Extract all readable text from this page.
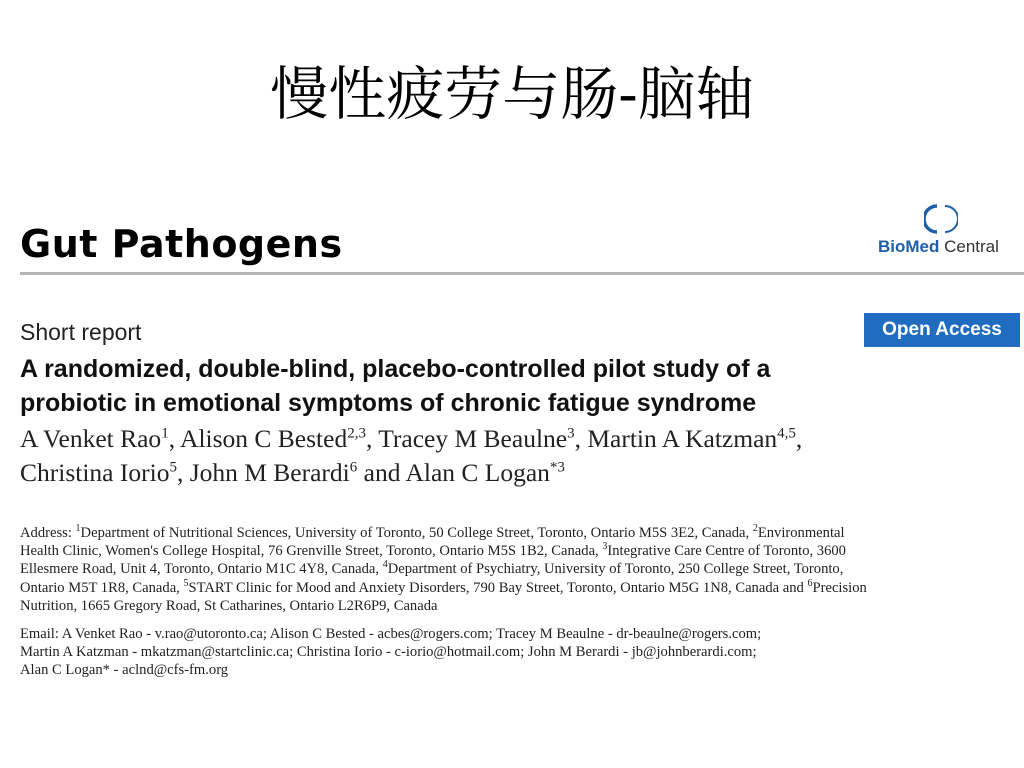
慢性疲劳与肠-脑轴
Gut Pathogens	BioMed Central
Short report	Open Access
A randomized, double-blind, placebo-controlled pilot study of a
probiotic in emotional symptoms of chronic fatigue syndrome
A Venket Rao$^1$, Alison C Bested$^{2,3}$, Tracey M Beaulne$^3$, Martin A Katzman$^{4,5}$,
Christina Iorio$^5$, John M Berardi$^6$ and Alan C Logan$^{*3}$
Address: $^1$Department of Nutritional Sciences, University of Toronto, 50 College Street, Toronto, Ontario M5S 3E2, Canada, $^2$Environmental
Health Clinic, Women's College Hospital, 76 Grenville Street, Toronto, Ontario M5S 1B2, Canada, $^3$Integrative Care Centre of Toronto, 3600
Ellesmere Road, Unit 4, Toronto, Ontario M1C 4Y8, Canada, $^4$Department of Psychiatry, University of Toronto, 250 College Street, Toronto,
Ontario M5T 1R8, Canada, $^5$START Clinic for Mood and Anxiety Disorders, 790 Bay Street, Toronto, Ontario M5G 1N8, Canada and $^6$Precision
Nutrition, 1665 Gregory Road, St Catharines, Ontario L2R6P9, Canada
Email: A Venket Rao - v.rao@utoronto.ca; Alison C Bested - acbes@rogers.com; Tracey M Beaulne - dr-beaulne@rogers.com;
Martin A Katzman - mkatzman@startclinic.ca; Christina Iorio - c-iorio@hotmail.com; John M Berardi - jb@johnberardi.com;
Alan C Logan* - aclnd@cfs-fm.org
